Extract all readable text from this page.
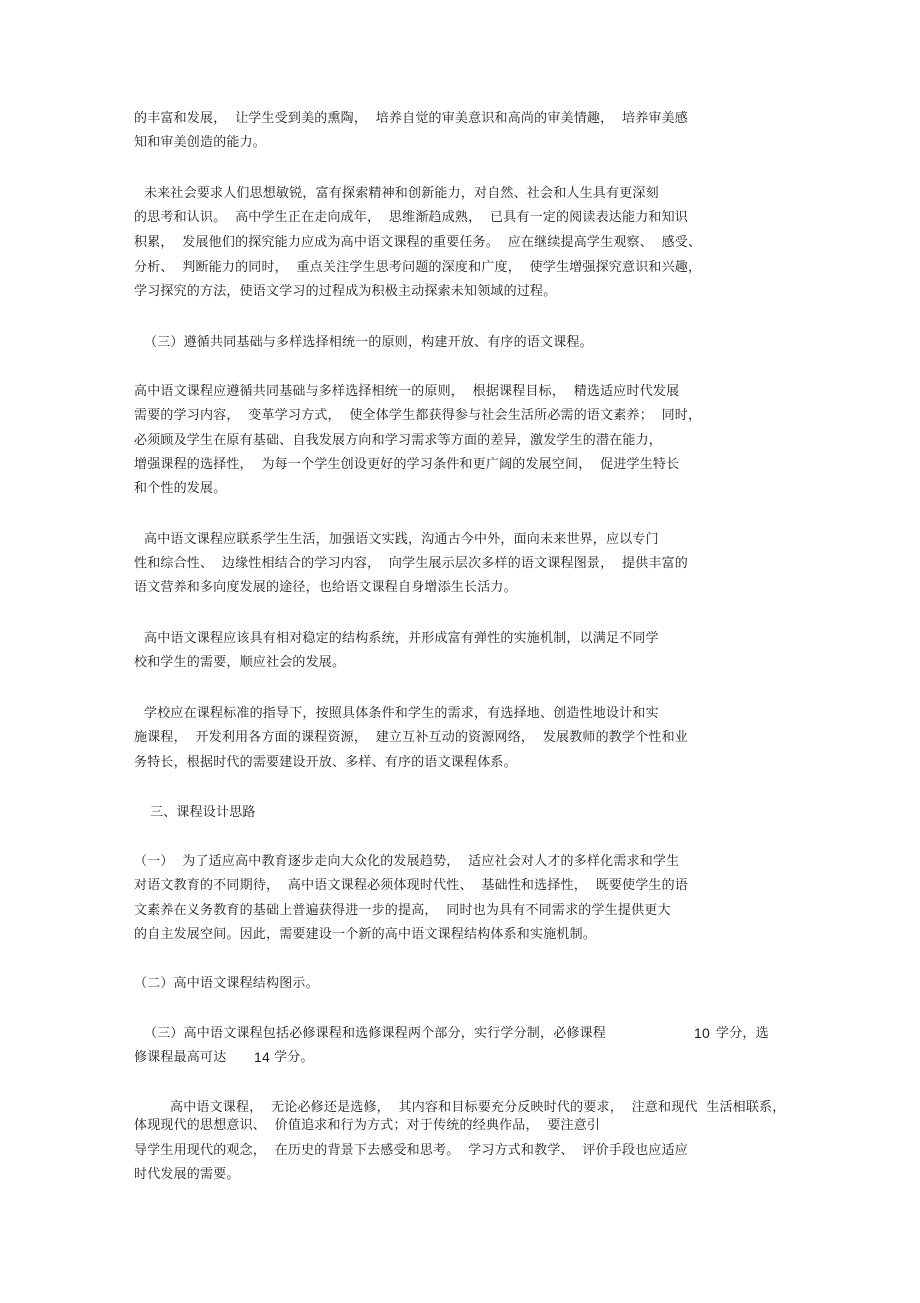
的丰富和发展，  让学生受到美的熏陶，  培养自觉的审美意识和高尚的审美情趣，  培养审美感
知和审美创造的能力。
未来社会要求人们思想敏锐，富有探索精神和创新能力，对自然、社会和人生具有更深刻
的思考和认识。  高中学生正在走向成年，  思维渐趋成熟，  已具有一定的阅读表达能力和知识
积累，  发展他们的探究能力应成为高中语文课程的重要任务。  应在继续提高学生观察、  感受、
分析、  判断能力的同时，  重点关注学生思考问题的深度和广度，  使学生增强探究意识和兴趣，
学习探究的方法，使语文学习的过程成为积极主动探索未知领域的过程。
（三）遵循共同基础与多样选择相统一的原则，构建开放、有序的语文课程。
高中语文课程应遵循共同基础与多样选择相统一的原则，  根据课程目标，  精选适应时代发展
需要的学习内容，  变革学习方式，  使全体学生都获得参与社会生活所必需的语文素养；  同时，
必须顾及学生在原有基础、自我发展方向和学习需求等方面的差异，激发学生的潜在能力，
增强课程的选择性，  为每一个学生创设更好的学习条件和更广阔的发展空间，  促进学生特长
和个性的发展。
高中语文课程应联系学生生活，加强语文实践，沟通古今中外，面向未来世界，应以专门
性和综合性、  边缘性相结合的学习内容，  向学生展示层次多样的语文课程图景，  提供丰富的
语文营养和多向度发展的途径，也给语文课程自身增添生长活力。
高中语文课程应该具有相对稳定的结构系统，并形成富有弹性的实施机制，以满足不同学
校和学生的需要，顺应社会的发展。
学校应在课程标准的指导下，按照具体条件和学生的需求，有选择地、创造性地设计和实
施课程，  开发利用各方面的课程资源，  建立互补互动的资源网络，  发展教师的教学个性和业
务特长，根据时代的需要建设开放、多样、有序的语文课程体系。
三、课程设计思路
（一）  为了适应高中教育逐步走向大众化的发展趋势，  适应社会对人才的多样化需求和学生
对语文教育的不同期待，  高中语文课程必须体现时代性、  基础性和选择性，  既要使学生的语
文素养在义务教育的基础上普遍获得进一步的提高，  同时也为具有不同需求的学生提供更大
的自主发展空间。因此，需要建设一个新的高中语文课程结构体系和实施机制。
（二）高中语文课程结构图示。
（三）高中语文课程包括必修课程和选修课程两个部分，实行学分制，必修课程	10 学分，选
修课程最高可达 14 学分。
高中语文课程，  无论必修还是选修，  其内容和目标要充分反映时代的要求，  注意和现代  生活相联系，
体现现代的思想意识、  价值追求和行为方式；对于传统的经典作品，  要注意引
导学生用现代的观念，  在历史的背景下去感受和思考。  学习方式和教学、  评价手段也应适应
时代发展的需要。
